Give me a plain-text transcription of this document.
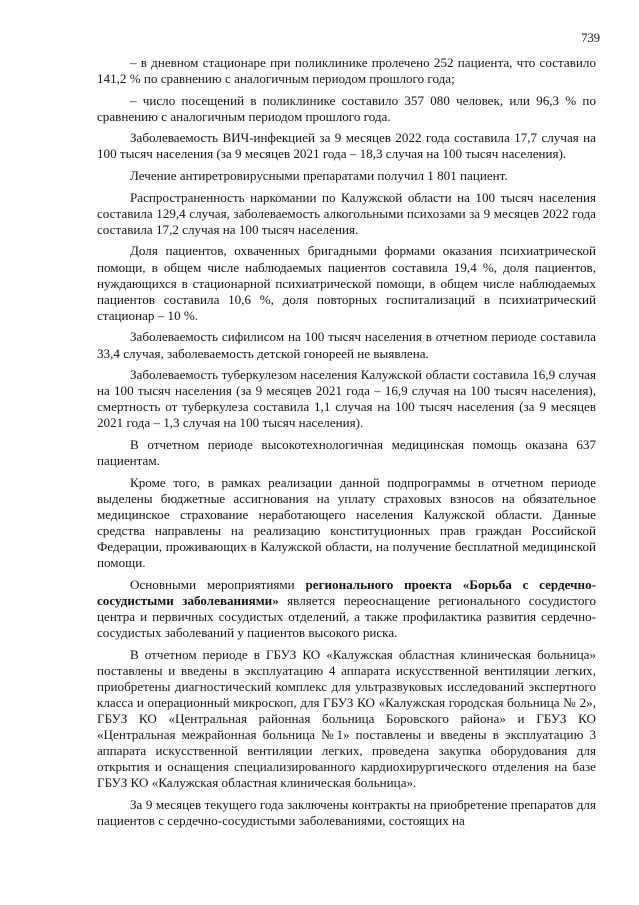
739

– в дневном стационаре при поликлинике пролечено 252 пациента, что составило 141,2 % по сравнению с аналогичным периодом прошлого года;

– число посещений в поликлинике составило 357 080 человек, или 96,3 % по сравнению с аналогичным периодом прошлого года.

Заболеваемость ВИЧ-инфекцией за 9 месяцев 2022 года составила 17,7 случая на 100 тысяч населения (за 9 месяцев 2021 года – 18,3 случая на 100 тысяч населения).

Лечение антиретровирусными препаратами получил 1 801 пациент.

Распространенность наркомании по Калужской области на 100 тысяч населения составила 129,4 случая, заболеваемость алкогольными психозами за 9 месяцев 2022 года составила 17,2 случая на 100 тысяч населения.

Доля пациентов, охваченных бригадными формами оказания психиатрической помощи, в общем числе наблюдаемых пациентов составила 19,4 %, доля пациентов, нуждающихся в стационарной психиатрической помощи, в общем числе наблюдаемых пациентов составила 10,6 %, доля повторных госпитализаций в психиатрический стационар – 10 %.

Заболеваемость сифилисом на 100 тысяч населения в отчетном периоде составила 33,4 случая, заболеваемость детской гонореей не выявлена.

Заболеваемость туберкулезом населения Калужской области составила 16,9 случая на 100 тысяч населения (за 9 месяцев 2021 года – 16,9 случая на 100 тысяч населения), смертность от туберкулеза составила 1,1 случая на 100 тысяч населения (за 9 месяцев 2021 года – 1,3 случая на 100 тысяч населения).

В отчетном периоде высокотехнологичная медицинская помощь оказана 637 пациентам.

Кроме того, в рамках реализации данной подпрограммы в отчетном периоде выделены бюджетные ассигнования на уплату страховых взносов на обязательное медицинское страхование неработающего населения Калужской области. Данные средства направлены на реализацию конституционных прав граждан Российской Федерации, проживающих в Калужской области, на получение бесплатной медицинской помощи.

Основными мероприятиями регионального проекта «Борьба с сердечно-сосудистыми заболеваниями» является переоснащение регионального сосудистого центра и первичных сосудистых отделений, а также профилактика развития сердечно-сосудистых заболеваний у пациентов высокого риска.

В отчетном периоде в ГБУЗ КО «Калужская областная клиническая больница» поставлены и введены в эксплуатацию 4 аппарата искусственной вентиляции легких, приобретены диагностический комплекс для ультразвуковых исследований экспертного класса и операционный микроскоп, для ГБУЗ КО «Калужская городская больница № 2», ГБУЗ КО «Центральная районная больница Боровского района» и ГБУЗ КО «Центральная межрайонная больница №1» поставлены и введены в эксплуатацию 3 аппарата искусственной вентиляции легких, проведена закупка оборудования для открытия и оснащения специализированного кардиохирургического отделения на базе ГБУЗ КО «Калужская областная клиническая больница».

За 9 месяцев текущего года заключены контракты на приобретение препаратов для пациентов с сердечно-сосудистыми заболеваниями, состоящих на
